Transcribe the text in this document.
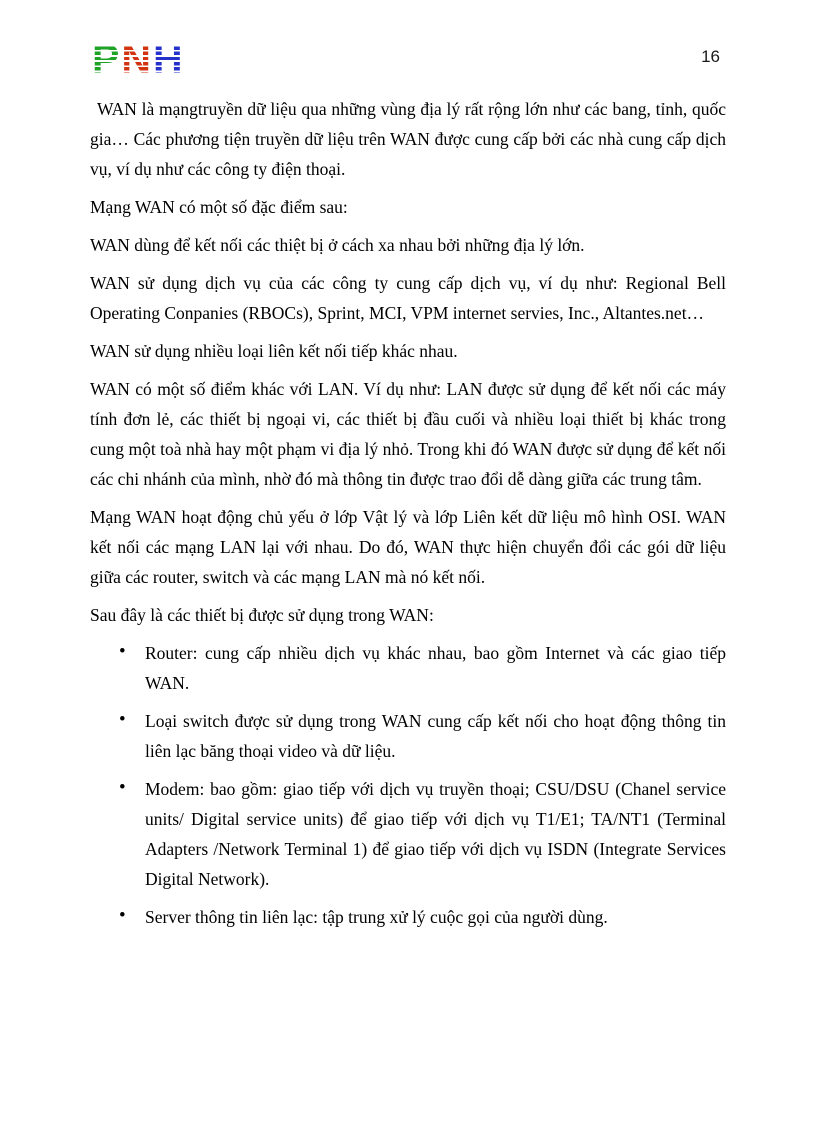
PNH	16

WAN là mạngtruyền dữ liệu qua những vùng địa lý rất rộng lớn như các bang, tỉnh, quốc gia… Các phương tiện truyền dữ liệu trên WAN được cung cấp bởi các nhà cung cấp dịch vụ, ví dụ như các công ty điện thoại.

Mạng WAN có một số đặc điểm sau:

WAN dùng để kết nối các thiệt bị ở cách xa nhau bởi những địa lý lớn.

WAN sử dụng dịch vụ của các công ty cung cấp dịch vụ, ví dụ như: Regional Bell Operating Conpanies (RBOCs), Sprint, MCI, VPM internet servies, Inc., Altantes.net…

WAN sử dụng nhiều loại liên kết nối tiếp khác nhau.

WAN có một số điểm khác với LAN. Ví dụ như: LAN được sử dụng để kết nối các máy tính đơn lẻ, các thiết bị ngoại vi, các thiết bị đầu cuối và nhiều loại thiết bị khác trong cung một toà nhà hay một phạm vi địa lý nhỏ. Trong khi đó WAN được sử dụng để kết nối các chi nhánh của mình, nhờ đó mà thông tin được trao đổi dễ dàng giữa các trung tâm.

Mạng WAN hoạt động chủ yếu ở lớp Vật lý và lớp Liên kết dữ liệu mô hình OSI. WAN kết nối các mạng LAN lại với nhau. Do đó, WAN thực hiện chuyển đổi các gói dữ liệu giữa các router, switch và các mạng LAN mà nó kết nối.

Sau đây là các thiết bị được sử dụng trong WAN:

• Router: cung cấp nhiều dịch vụ khác nhau, bao gồm Internet và các giao tiếp WAN.
• Loại switch được sử dụng trong WAN cung cấp kết nối cho hoạt động thông tin liên lạc băng thoại video và dữ liệu.
• Modem: bao gồm: giao tiếp với dịch vụ truyền thoại; CSU/DSU (Chanel service units/ Digital service units) để giao tiếp với dịch vụ T1/E1; TA/NT1 (Terminal Adapters /Network Terminal 1) để giao tiếp với dịch vụ ISDN (Integrate Services Digital Network).
• Server thông tin liên lạc: tập trung xử lý cuộc gọi của người dùng.
